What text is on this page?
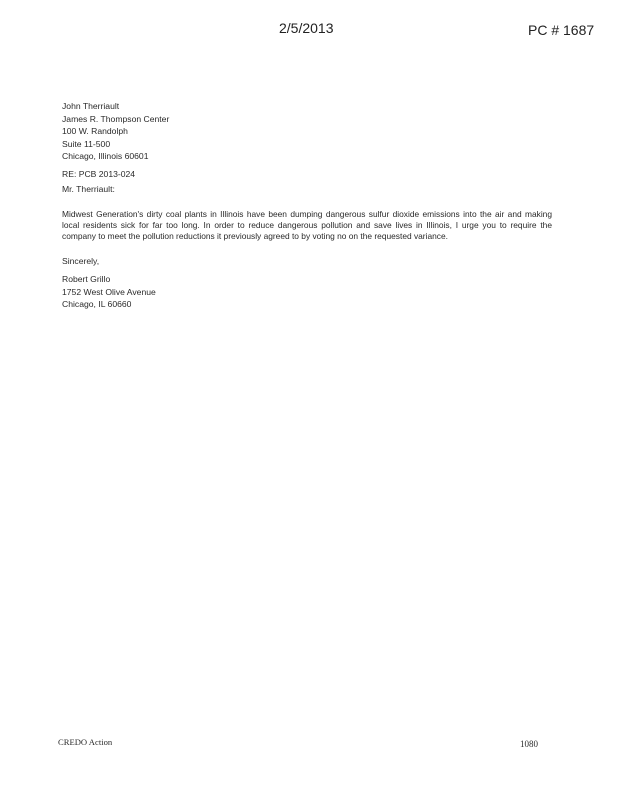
2/5/2013	PC # 1687
John Therriault
James R. Thompson Center
100 W. Randolph
Suite 11-500
Chicago, Illinois 60601
RE: PCB 2013-024
Mr. Therriault:
Midwest Generation's dirty coal plants in Illinois have been dumping dangerous sulfur dioxide emissions into the air and making local residents sick for far too long. In order to reduce dangerous pollution and save lives in Illinois, I urge you to require the company to meet the pollution reductions it previously agreed to by voting no on the requested variance.
Sincerely,
Robert Grillo
1752 West Olive Avenue
Chicago, IL 60660
CREDO Action	1080
